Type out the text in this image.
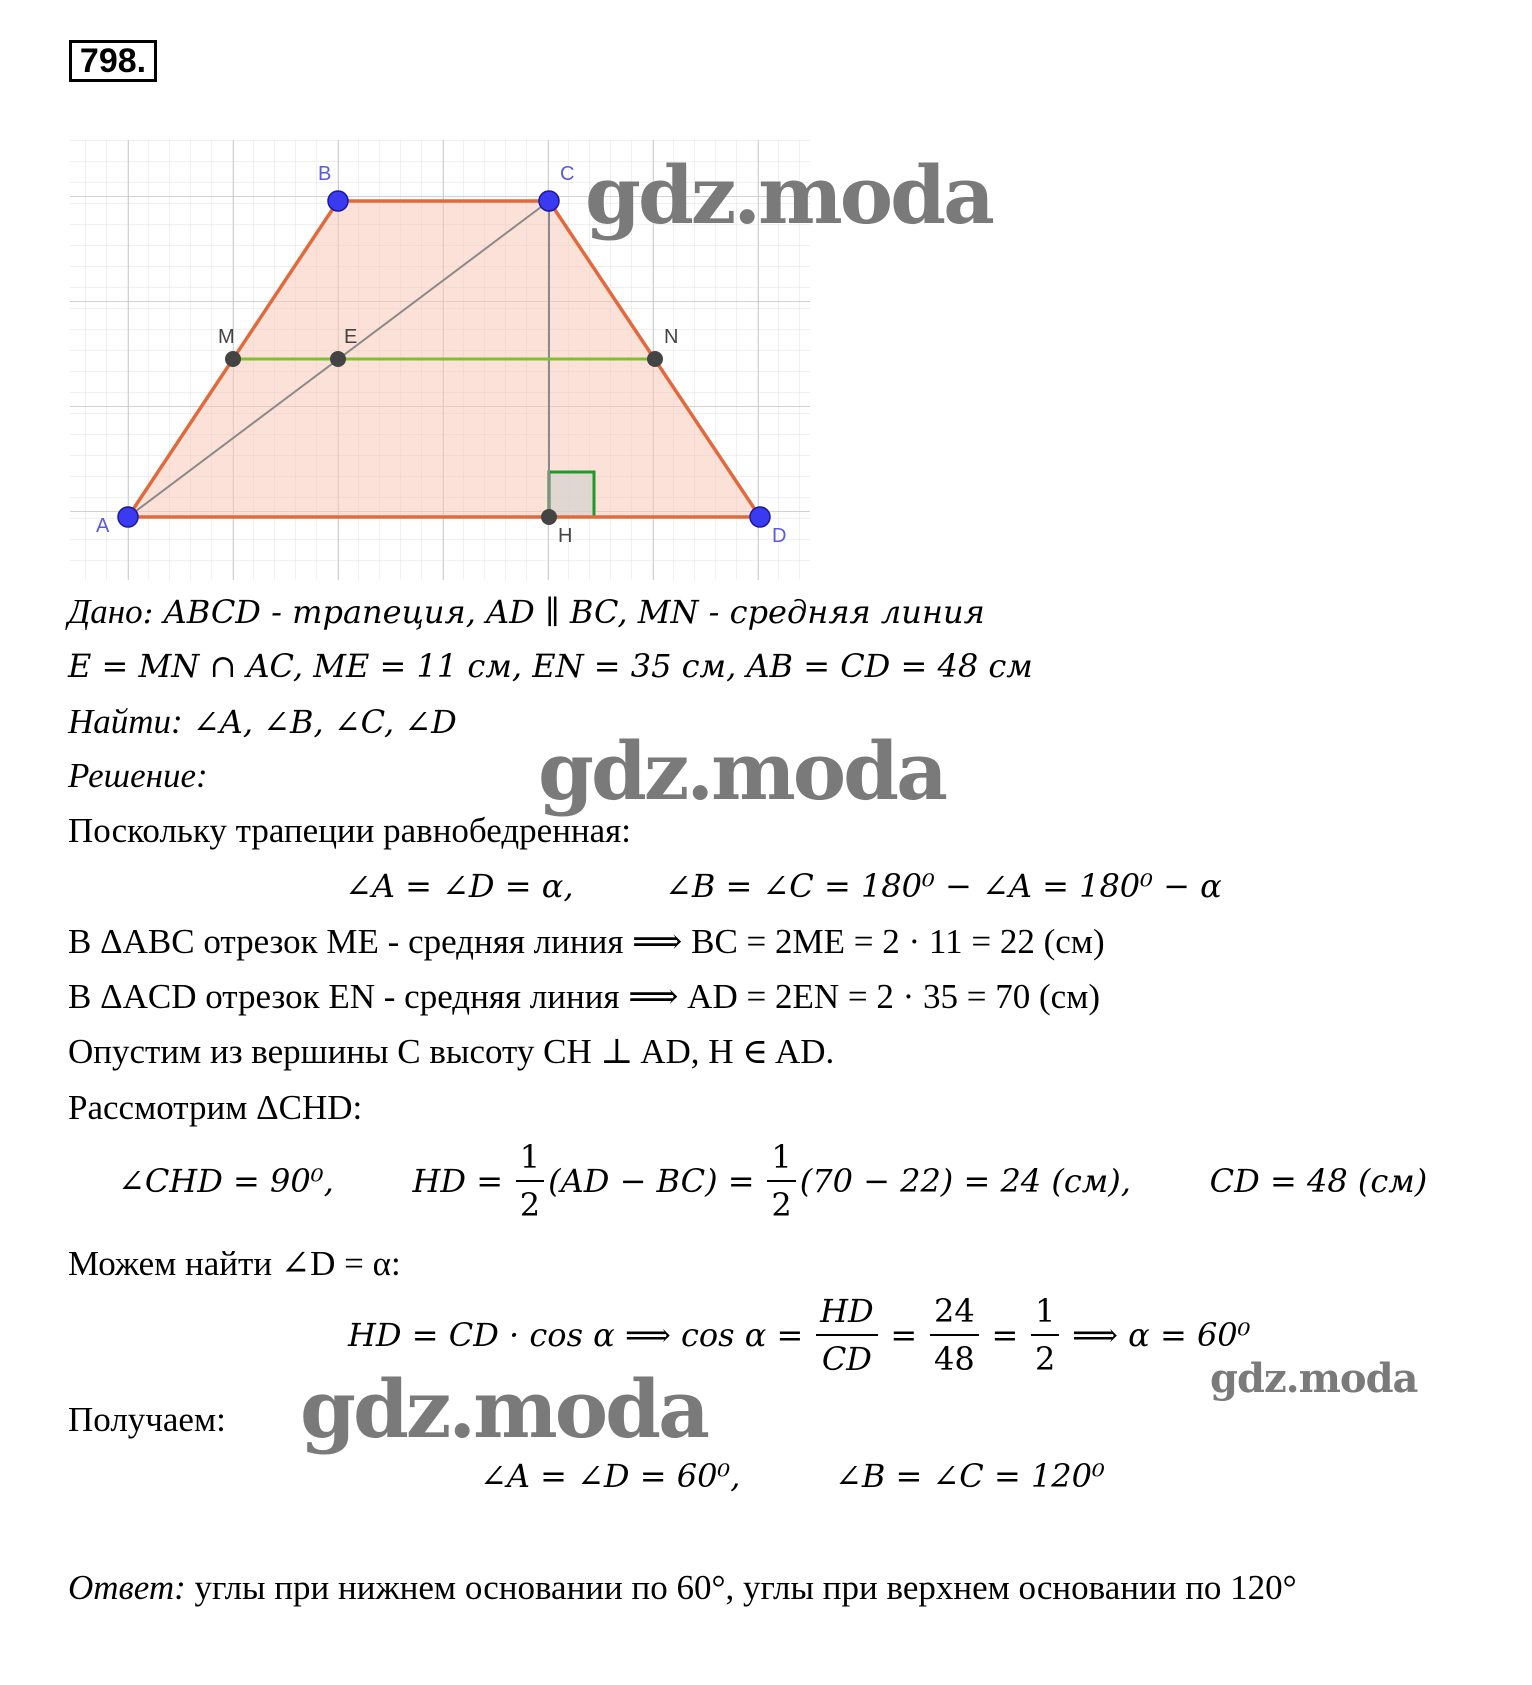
798.
A
B	C
D
M	E	N
H
gdz.moda
gdz.moda
gdz.moda	gdz.moda
Дано: ABCD - трапеция, AD ∥ BC, MN - средняя линия
E = MN ∩ AC, ME = 11 см, EN = 35 см, AB = CD = 48 см
Найти: ∠A, ∠B, ∠C, ∠D
Решение:
Поскольку трапеции равнобедренная:
∠A = ∠D = α,	∠B = ∠C = 180⁰ − ∠A = 180⁰ − α
В ΔABC отрезок ME - средняя линия ⟹ BC = 2ME = 2 · 11 = 22 (см)
В ΔACD отрезок EN - средняя линия ⟹ AD = 2EN = 2 · 35 = 70 (см)
Опустим из вершины C высоту CH ⊥ AD, H ∈ AD.
Рассмотрим ΔCHD:
∠CHD = 90⁰, HD = $\frac{1}{2} (AD - BC) = \frac{1}{2} (70 - 22) = 24$ (см), CD = 48 (см)
Можем найти ∠D = α:
HD = CD · cos α ⟹ $\cos \alpha = \frac{HD}{CD} = \frac{24}{48} = \frac{1}{2}$ ⟹ α = 60⁰
Получаем:
∠A = ∠D = 60⁰,	∠B = ∠C = 120⁰
Ответ: углы при нижнем основании по 60°, углы при верхнем основании по 120°
